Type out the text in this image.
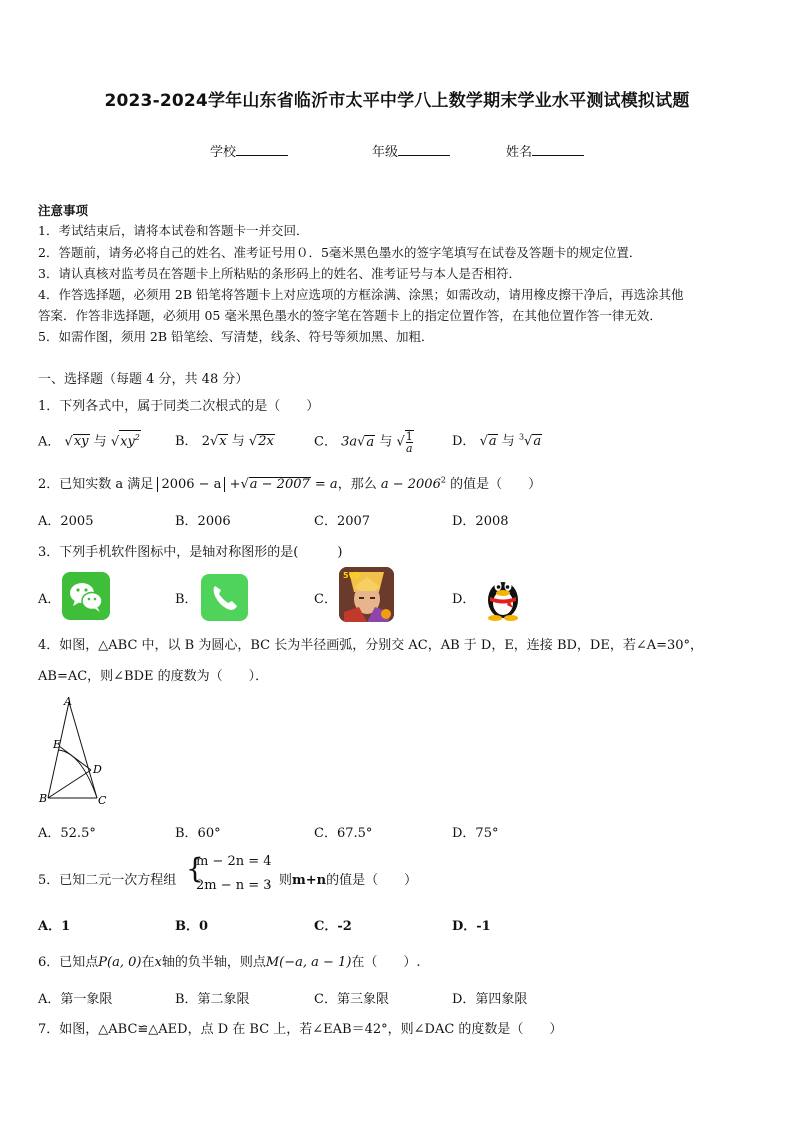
2023-2024学年山东省临沂市太平中学八上数学期末学业水平测试模拟试题
学校	年级	姓名
注意事项
1．考试结束后，请将本试卷和答题卡一并交回．
2．答题前，请务必将自己的姓名、准考证号用０．5毫米黑色墨水的签字笔填写在试卷及答题卡的规定位置．
3．请认真核对监考员在答题卡上所粘贴的条形码上的姓名、准考证号与本人是否相符．
4．作答选择题，必须用 2B 铅笔将答题卡上对应选项的方框涂满、涂黑；如需改动，请用橡皮擦干净后，再选涂其他
答案．作答非选择题，必须用 05 毫米黑色墨水的签字笔在答题卡上的指定位置作答，在其他位置作答一律无效．
5．如需作图，须用 2B 铅笔绘、写清楚，线条、符号等须加黑、加粗．
一、选择题（每题 4 分，共 48 分）
1．下列各式中，属于同类二次根式的是（　　）
A． √xy 与 $√xy^2$	B． 2√x 与 √2x	C． 3a√a 与 √ $\frac{1}{a}$	D． √a 与 $^3$√a
2．已知实数 a 满足 2006 − a +√a − 2007 = a，那么 $a - 2006^2$ 的值是（　　）
A．2005	B．2006	C．2007	D．2008
3．下列手机软件图标中，是轴对称图形的是(　　　)
A．	B．	C．
5v5
D．
4．如图，△ABC 中，以 B 为圆心，BC 长为半径画弧，分别交 AC，AB 于 D，E，连接 BD，DE，若∠A=30°，
AB=AC，则∠BDE 的度数为（　　）．
A
E
D
B	C
A．52.5°	B．60°	C．67.5°	D．75°
5．已知二元一次方程组 {
m − 2n = 4
2m − n = 3
，则m+n的值是（　　）
A．1	B．0	C．-2	D．-1
6．已知点P(a, 0)在x轴的负半轴，则点M(−a, a − 1)在（　　）.
A．第一象限	B．第二象限	C．第三象限	D．第四象限
7．如图，△ABC≌△AED，点 D 在 BC 上，若∠EAB＝42°，则∠DAC 的度数是（　　）
